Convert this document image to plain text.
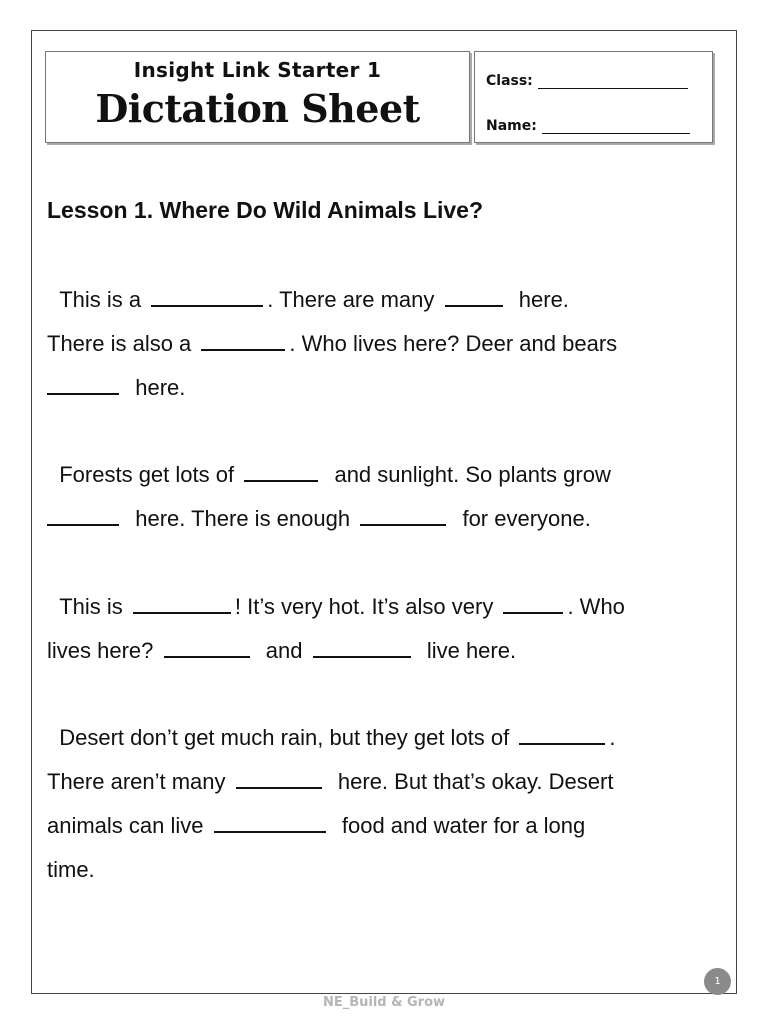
Insight Link Starter 1
Dictation Sheet
Class:
Name:
Lesson 1. Where Do Wild Animals Live?

This is a	. There are many	here.

There is also a	. Who lives here? Deer and bears

here.

Forests get lots of	and sunlight. So plants grow

here. There is enough	for everyone.

This is	! It’s very hot. It’s also very	. Who

lives here?	and	live here.

Desert don’t get much rain, but they get lots of	.

There aren’t many	here. But that’s okay. Desert

animals can live	food and water for a long

time.

1
NE_Build & Grow
